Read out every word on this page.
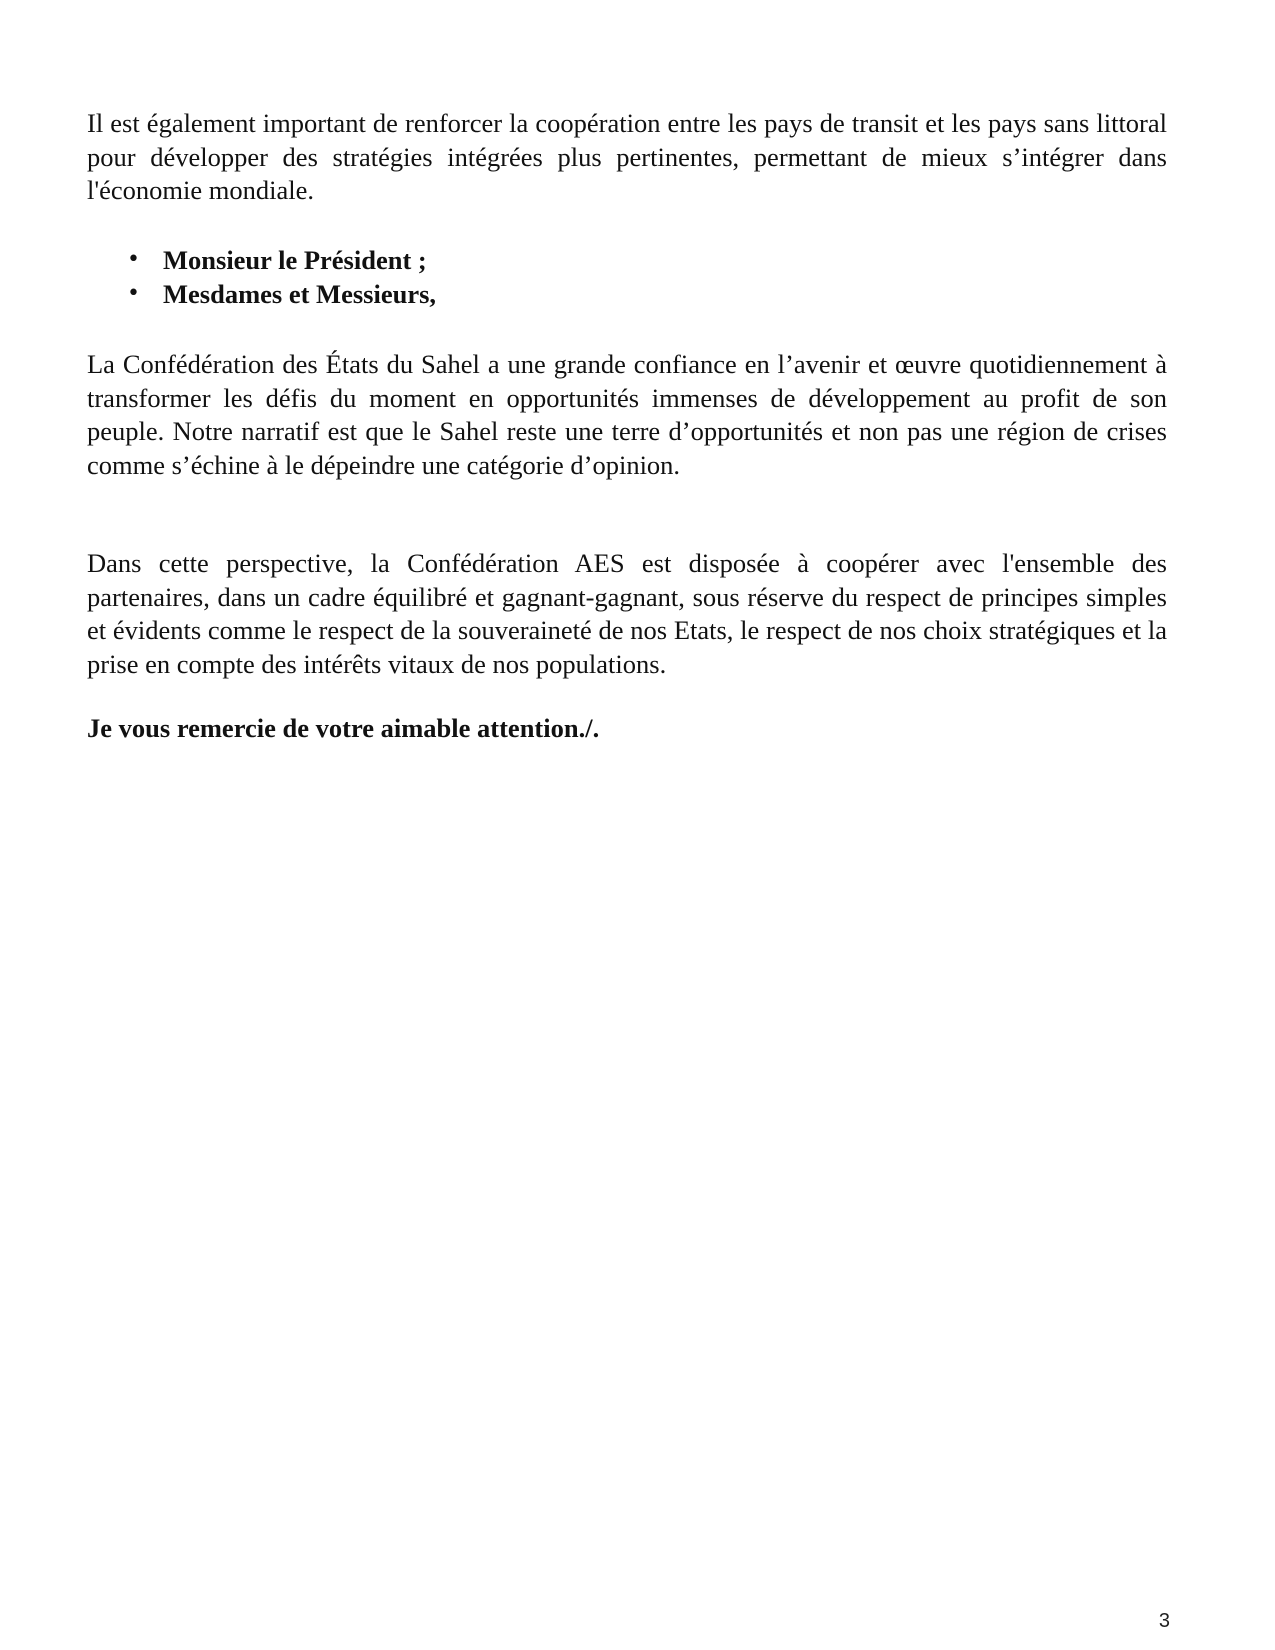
Il est également important de renforcer la coopération entre les pays de transit et les pays sans littoral pour développer des stratégies intégrées plus pertinentes, permettant de mieux s’intégrer dans l'économie mondiale.

• Monsieur le Président ;
• Mesdames et Messieurs,

La Confédération des États du Sahel a une grande confiance en l’avenir et œuvre quotidiennement à transformer les défis du moment en opportunités immenses de développement au profit de son peuple. Notre narratif est que le Sahel reste une terre d’opportunités et non pas une région de crises comme s’échine à le dépeindre une catégorie d’opinion.

Dans cette perspective, la Confédération AES est disposée à coopérer avec l'ensemble des partenaires, dans un cadre équilibré et gagnant-gagnant, sous réserve du respect de principes simples et évidents comme le respect de la souveraineté de nos Etats, le respect de nos choix stratégiques et la prise en compte des intérêts vitaux de nos populations.

Je vous remercie de votre aimable attention./.

3
